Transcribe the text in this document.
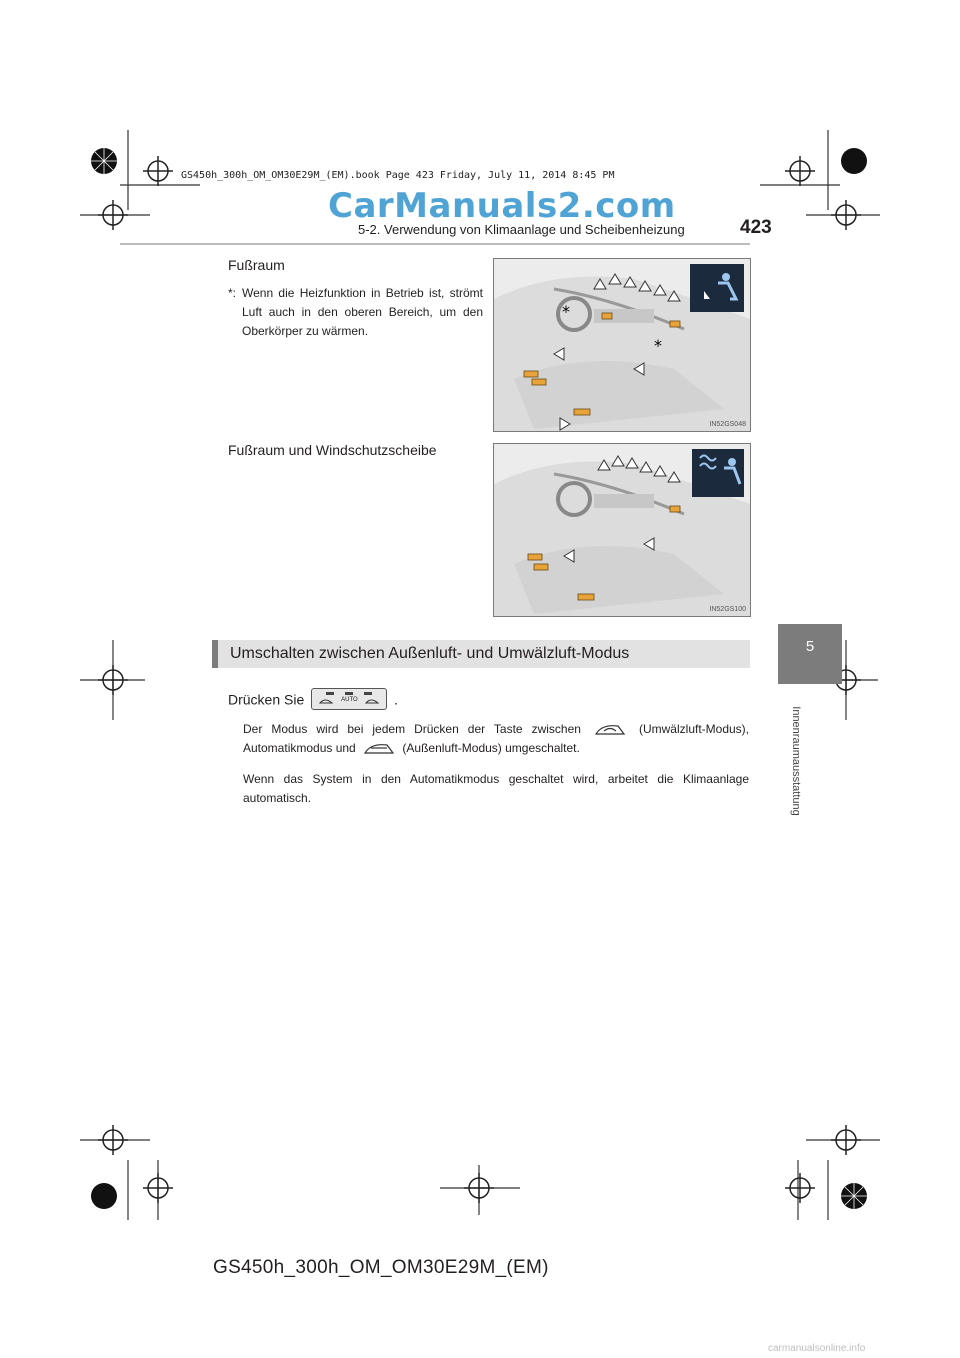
GS450h_300h_OM_OM30E29M_(EM).book Page 423 Friday, July 11, 2014 8:45 PM
CarManuals2.com
5-2. Verwendung von Klimaanlage und Scheibenheizung	423
5
Innenraumausstattung
Fußraum
*: Wenn die Heizfunktion in Betrieb ist, strömt Luft auch in den oberen Bereich, um den Oberkörper zu wärmen.
*
*
IN52GS048
Fußraum und Windschutzscheibe
IN52GS100
Umschalten zwischen Außenluft- und Umwälzluft-Modus
Drücken Sie	AUTO	.
Der Modus wird bei jedem Drücken der Taste zwischen	(Umwälzluft-Modus), Automatikmodus und	(Außenluft-Modus) umgeschaltet.
Wenn das System in den Automatikmodus geschaltet wird, arbeitet die Klimaanlage automatisch.
GS450h_300h_OM_OM30E29M_(EM)
carmanualsonline.info
